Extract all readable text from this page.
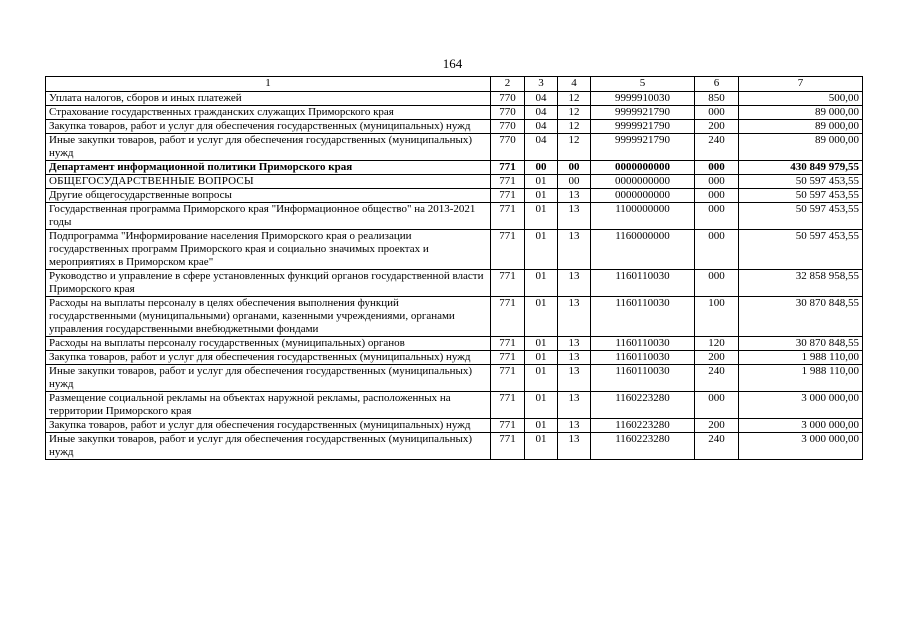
164
1	2	3	4	5	6	7
Уплата налогов, сборов и иных платежей	770	04	12	9999910030	850	500,00
Страхование государственных гражданских служащих Приморского края	770	04	12	9999921790	000	89 000,00
Закупка товаров, работ и услуг для обеспечения государственных (муниципальных) нужд	770	04	12	9999921790	200	89 000,00
Иные закупки товаров, работ и услуг для обеспечения государственных (муниципальных) нужд	770	04	12	9999921790	240	89 000,00
Департамент информационной политики Приморского края	771	00	00	0000000000	000	430 849 979,55
ОБЩЕГОСУДАРСТВЕННЫЕ ВОПРОСЫ	771	01	00	0000000000	000	50 597 453,55
Другие общегосударственные вопросы	771	01	13	0000000000	000	50 597 453,55
Государственная программа Приморского края "Информационное общество" на 2013-2021 годы	771	01	13	1100000000	000	50 597 453,55
Подпрограмма "Информирование населения Приморского края о реализации государственных программ Приморского края и социально значимых проектах и мероприятиях в Приморском крае"	771	01	13	1160000000	000	50 597 453,55
Руководство и управление в сфере установленных функций органов государственной власти Приморского края	771	01	13	1160110030	000	32 858 958,55
Расходы на выплаты персоналу в целях обеспечения выполнения функций государственными (муниципальными) органами, казенными учреждениями, органами управления государственными внебюджетными фондами	771	01	13	1160110030	100	30 870 848,55
Расходы на выплаты персоналу государственных (муниципальных) органов	771	01	13	1160110030	120	30 870 848,55
Закупка товаров, работ и услуг для обеспечения государственных (муниципальных) нужд	771	01	13	1160110030	200	1 988 110,00
Иные закупки товаров, работ и услуг для обеспечения государственных (муниципальных) нужд	771	01	13	1160110030	240	1 988 110,00
Размещение социальной рекламы на объектах наружной рекламы, расположенных на территории Приморского края	771	01	13	1160223280	000	3 000 000,00
Закупка товаров, работ и услуг для обеспечения государственных (муниципальных) нужд	771	01	13	1160223280	200	3 000 000,00
Иные закупки товаров, работ и услуг для обеспечения государственных (муниципальных) нужд	771	01	13	1160223280	240	3 000 000,00
